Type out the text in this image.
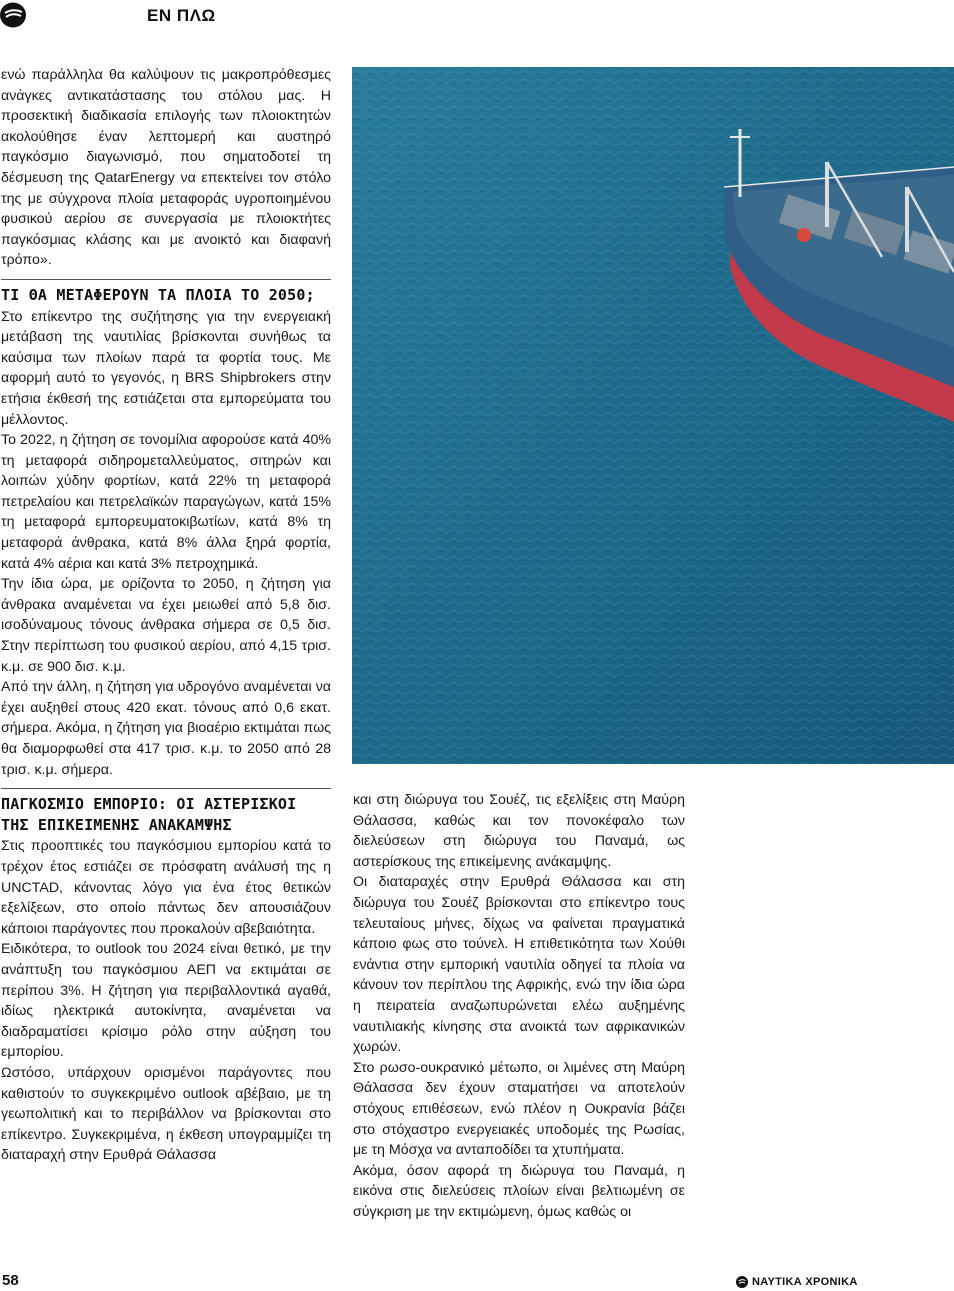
ΕΝ ΠΛΩ

ενώ παράλληλα θα καλύψουν τις μακροπρόθεσμες ανάγκες αντικατάστασης του στόλου μας. Η προσεκτική διαδικασία επιλογής των πλοιοκτητών ακολούθησε έναν λεπτομερή και αυστηρό παγκόσμιο διαγωνισμό, που σηματοδοτεί τη δέσμευση της QatarEnergy να επεκτείνει τον στόλο της με σύγχρονα πλοία μεταφοράς υγροποιημένου φυσικού αερίου σε συνεργασία με πλοιοκτήτες παγκόσμιας κλάσης και με ανοικτό και διαφανή τρόπο».

ΤΙ ΘΑ ΜΕΤΑΦΕΡΟΥΝ ΤΑ ΠΛΟΙΑ ΤΟ 2050;

Στο επίκεντρο της συζήτησης για την ενεργειακή μετάβαση της ναυτιλίας βρίσκονται συνήθως τα καύσιμα των πλοίων παρά τα φορτία τους. Με αφορμή αυτό το γεγονός, η BRS Shipbrokers στην ετήσια έκθεσή της εστιάζεται στα εμπορεύματα του μέλλοντος.

Το 2022, η ζήτηση σε τονομίλια αφορούσε κατά 40% τη μεταφορά σιδηρομεταλλεύματος, σιτηρών και λοιπών χύδην φορτίων, κατά 22% τη μεταφορά πετρελαίου και πετρελαϊκών παραγώγων, κατά 15% τη μεταφορά εμπορευματοκιβωτίων, κατά 8% τη μεταφορά άνθρακα, κατά 8% άλλα ξηρά φορτία, κατά 4% αέρια και κατά 3% πετροχημικά.

Την ίδια ώρα, με ορίζοντα το 2050, η ζήτηση για άνθρακα αναμένεται να έχει μειωθεί από 5,8 δισ. ισοδύναμους τόνους άνθρακα σήμερα σε 0,5 δισ. Στην περίπτωση του φυσικού αερίου, από 4,15 τρισ. κ.μ. σε 900 δισ. κ.μ.

Από την άλλη, η ζήτηση για υδρογόνο αναμένεται να έχει αυξηθεί στους 420 εκατ. τόνους από 0,6 εκατ. σήμερα. Ακόμα, η ζήτηση για βιοαέριο εκτιμάται πως θα διαμορφωθεί στα 417 τρισ. κ.μ. το 2050 από 28 τρισ. κ.μ. σήμερα.

ΠΑΓΚΟΣΜΙΟ ΕΜΠΟΡΙΟ: ΟΙ ΑΣΤΕΡΙΣΚΟΙ ΤΗΣ ΕΠΙΚΕΙΜΕΝΗΣ ΑΝΑΚΑΜΨΗΣ

Στις προοπτικές του παγκόσμιου εμπορίου κατά το τρέχον έτος εστιάζει σε πρόσφατη ανάλυσή της η UNCTAD, κάνοντας λόγο για ένα έτος θετικών εξελίξεων, στο οποίο πάντως δεν απουσιάζουν κάποιοι παράγοντες που προκαλούν αβεβαιότητα.

Ειδικότερα, το outlook του 2024 είναι θετικό, με την ανάπτυξη του παγκόσμιου ΑΕΠ να εκτιμάται σε περίπου 3%. Η ζήτηση για περιβαλλοντικά αγαθά, ιδίως ηλεκτρικά αυτοκίνητα, αναμένεται να διαδραματίσει κρίσιμο ρόλο στην αύξηση του εμπορίου.

Ωστόσο, υπάρχουν ορισμένοι παράγοντες που καθιστούν το συγκεκριμένο outlook αβέβαιο, με τη γεωπολιτική και το περιβάλλον να βρίσκονται στο επίκεντρο. Συγκεκριμένα, η έκθεση υπογραμμίζει τη διαταραχή στην Ερυθρά Θάλασσα

και στη διώρυγα του Σουέζ, τις εξελίξεις στη Μαύρη Θάλασσα, καθώς και τον πονοκέφαλο των διελεύσεων στη διώρυγα του Παναμά, ως αστερίσκους της επικείμενης ανάκαμψης.

Οι διαταραχές στην Ερυθρά Θάλασσα και στη διώρυγα του Σουέζ βρίσκονται στο επίκεντρο τους τελευταίους μήνες, δίχως να φαίνεται πραγματικά κάποιο φως στο τούνελ. Η επιθετικότητα των Χούθι ενάντια στην εμπορική ναυτιλία οδηγεί τα πλοία να κάνουν τον περίπλου της Αφρικής, ενώ την ίδια ώρα η πειρατεία αναζωπυρώνεται ελέω αυξημένης ναυτιλιακής κίνησης στα ανοικτά των αφρικανικών χωρών.

Στο ρωσο-ουκρανικό μέτωπο, οι λιμένες στη Μαύρη Θάλασσα δεν έχουν σταματήσει να αποτελούν στόχους επιθέσεων, ενώ πλέον η Ουκρανία βάζει στο στόχαστρο ενεργειακές υποδομές της Ρωσίας, με τη Μόσχα να ανταποδίδει τα χτυπήματα.

Ακόμα, όσον αφορά τη διώρυγα του Παναμά, η εικόνα στις διελεύσεις πλοίων είναι βελτιωμένη σε σύγκριση με την εκτιμώμενη, όμως καθώς οι

58	ΝΑΥΤΙΚΑ ΧΡΟΝΙΚΑ
